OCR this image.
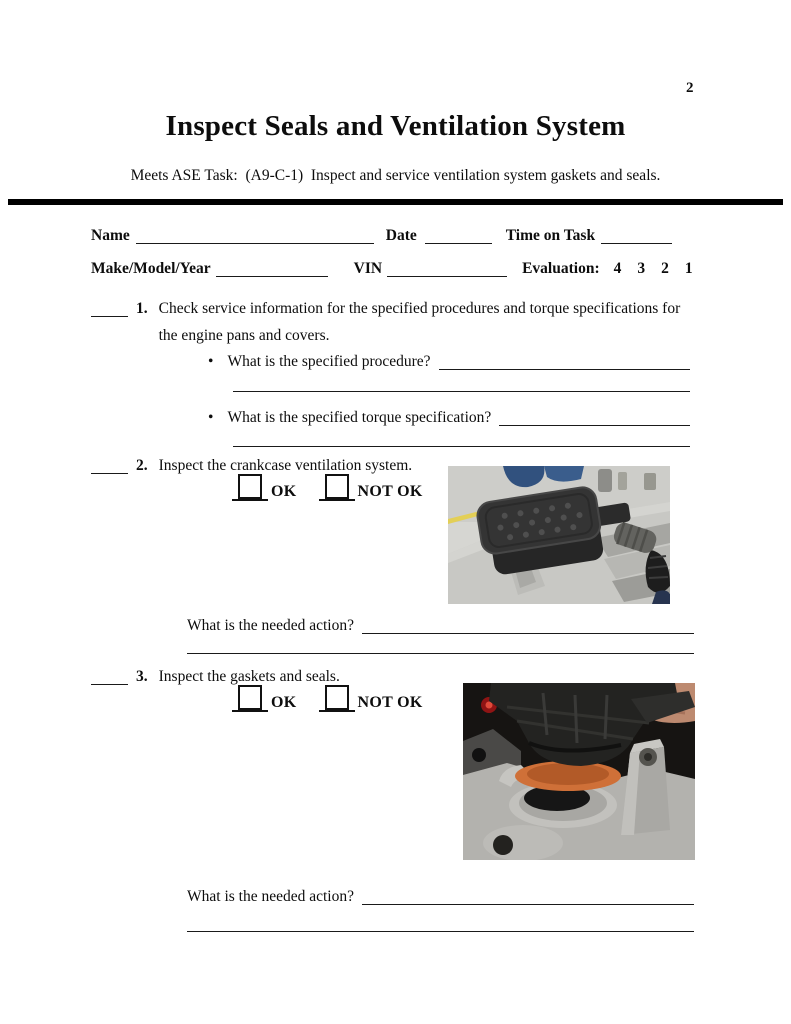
2
Inspect Seals and Ventilation System
Meets ASE Task:  (A9-C-1)  Inspect and service ventilation system gaskets and seals.
Name	Date	Time on Task
Make/Model/Year	VIN	Evaluation: 4 3 2 1
1. Check service information for the specified procedures and torque specifications for
the engine pans and covers.
• What is the specified procedure?
• What is the specified torque specification?
2. Inspect the crankcase ventilation system.
OK	NOT OK
What is the needed action?
3. Inspect the gaskets and seals.
OK	NOT OK
What is the needed action?
